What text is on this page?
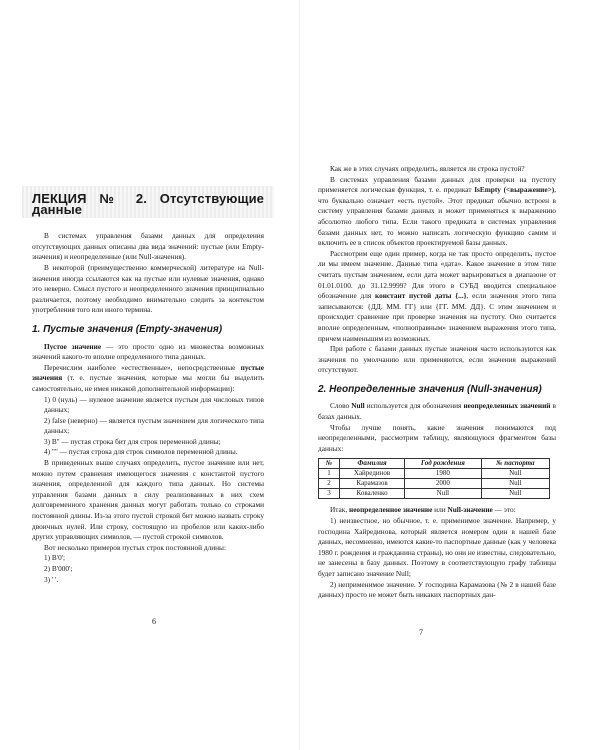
ЛЕКЦИЯ № 2. Отсутствующие данные

В системах управления базами данных для определения отсутствующих данных описаны два вида значений: пустые (или Empty-значения) и неопределенные (или Null-значения).

В некоторой (преимущественно коммерческой) литературе на Null-значения иногда ссылаются как на пустые или нулевые значения, однако это неверно. Смысл пустого и неопределенного значения принципиально различается, поэтому необходимо внимательно следить за контекстом употребления того или иного термина.

1. Пустые значения (Empty-значения)

Пустое значение — это просто одно из множества возможных значений какого-то вполне определенного типа данных.

Перечислим наиболее «естественные», непосредственные пустые значения (т. е. пустые значения, которые мы могли бы выделить самостоятельно, не имея никакой дополнительной информации):

1) 0 (нуль) — нулевое значение является пустым для числовых типов данных;

2) false (неверно) — является пустым значением для логического типа данных;

3) B'' — пустая строка бит для строк переменной длины;

4) "" — пустая строка для строк символов переменной длины.

В приведенных выше случаях определить, пустое значение или нет, можно путем сравнения имеющегося значения с константой пустого значения, определенной для каждого типа данных. Но системы управления базами данных в силу реализованных в них схем долговременного хранения данных могут работать только со строками постоянной длины. Из-за этого пустой строкой бит можно назвать строку двоичных нулей. Или строку, состоящую из пробелов или каких-либо других управляющих символов, — пустой строкой символов.

Вот несколько примеров пустых строк постоянной длины:

1) B'0';

2) B'000';

3) ' '.

6

Как же в этих случаях определить, является ли строка пустой?

В системах управления базами данных для проверки на пустоту применяется логическая функция, т. е. предикат IsEmpty (<выражение>), что буквально означает «есть пустой». Этот предикат обычно встроен в систему управления базами данных и может применяться к выражению абсолютно любого типа. Если такого предиката в системах управления базами данных нет, то можно написать логическую функцию самим и включить ее в список объектов проектируемой базы данных.

Рассмотрим еще один пример, когда не так просто определить, пустое ли мы имеем значение. Данные типа «дата». Какое значение в этом типе считать пустым значением, если дата может варьироваться в диапазоне от 01.01.0100. до 31.12.9999? Для этого в СУБД вводится специальное обозначение для констант пустой даты {...}, если значения этого типа записываются: {ДД. ММ. ГГ} или {ГГ. ММ. ДД}. С этим значением и происходит сравнение при проверке значения на пустоту. Оно считается вполне определенным, «полноправным» значением выражения этого типа, причем наименьшим из возможных.

При работе с базами данных пустые значения часто используются как значения по умолчанию или применяются, если значения выражений отсутствуют.

2. Неопределенные значения (Null-значения)

Слово Null используется для обозначения неопределенных значений в базах данных.

Чтобы лучше понять, какие значения понимаются под неопределенными, рассмотрим таблицу, являющуюся фрагментом базы данных:

№	Фамилия	Год рождения	№ паспорта
1	Хайрединов	1980	Null
2	Карамазов	2000	Null
3	Коваленко	Null	Null

Итак, неопределенное значение или Null-значение — это:

1) неизвестное, но обычное, т. е. применимое значение. Например, у господина Хайрединова, который является номером один в нашей базе данных, несомненно, имеются какие-то паспортные данные (как у человека 1980 г. рождения и гражданина страны), но они не известны, следовательно, не занесены в базу данных. Поэтому в соответствующую графу таблицы будет записано значение Null;

2) неприменимое значение. У господина Карамазова (№ 2 в нашей базе данных) просто не может быть никаких паспортных дан-

7
